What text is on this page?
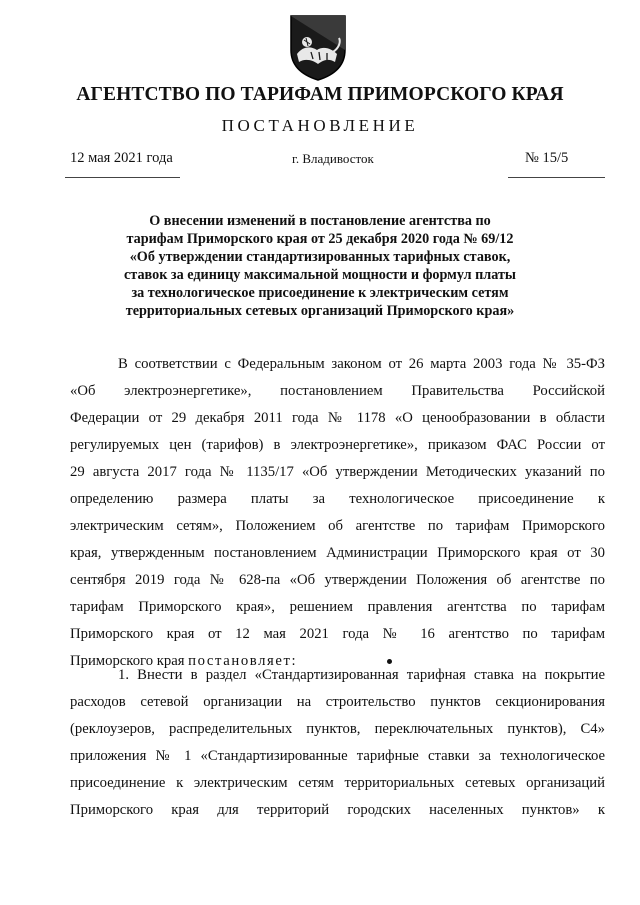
АГЕНТСТВО ПО ТАРИФАМ ПРИМОРСКОГО КРАЯ
ПОСТАНОВЛЕНИЕ
12 мая 2021 года	г. Владивосток	№ 15/5
О внесении изменений в постановление агентства по
тарифам Приморского края от 25 декабря 2020 года № 69/12
«Об утверждении стандартизированных тарифных ставок,
ставок за единицу максимальной мощности и формул платы
за технологическое присоединение к электрическим сетям
территориальных сетевых организаций Приморского края»
В соответствии с Федеральным законом от 26 марта 2003 года № 35-ФЗ
«Об электроэнергетике», постановлением Правительства Российской
Федерации от 29 декабря 2011 года № 1178 «О ценообразовании в области
регулируемых цен (тарифов) в электроэнергетике», приказом ФАС России от
29 августа 2017 года № 1135/17 «Об утверждении Методических указаний по
определению размера платы за технологическое присоединение к
электрическим сетям», Положением об агентстве по тарифам Приморского
края, утвержденным постановлением Администрации Приморского края от 30
сентября 2019 года № 628-па «Об утверждении Положения об агентстве по
тарифам Приморского края», решением правления агентства по тарифам
Приморского края от 12 мая 2021 года № 16 агентство по тарифам
Приморского края постановляет:
1. Внести в раздел «Стандартизированная тарифная ставка на покрытие
расходов сетевой организации на строительство пунктов секционирования
(реклоузеров, распределительных пунктов, переключательных пунктов), С4»
приложения № 1 «Стандартизированные тарифные ставки за технологическое
присоединение к электрическим сетям территориальных сетевых организаций
Приморского края для территорий городских населенных пунктов» к
